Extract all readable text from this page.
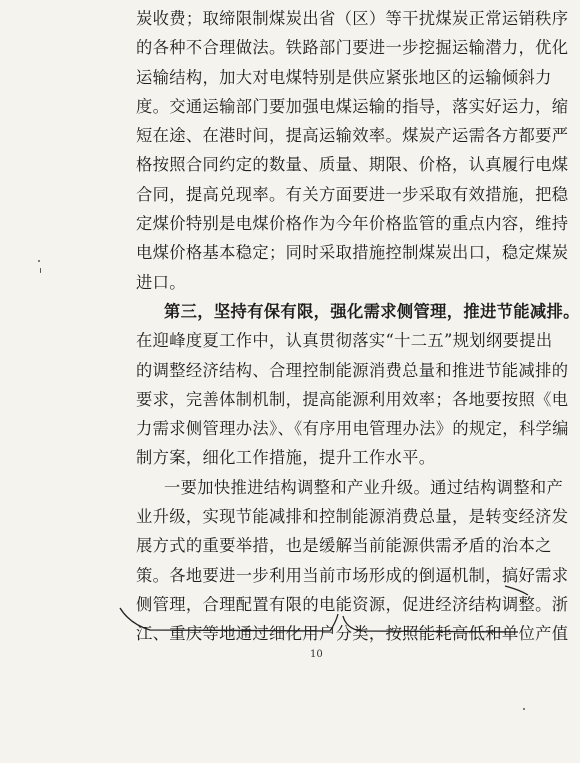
炭收费；取缔限制煤炭出省（区）等干扰煤炭正常运销秩序
的各种不合理做法。铁路部门要进一步挖掘运输潜力，优化
运输结构，加大对电煤特别是供应紧张地区的运输倾斜力
度。交通运输部门要加强电煤运输的指导，落实好运力，缩
短在途、在港时间，提高运输效率。煤炭产运需各方都要严
格按照合同约定的数量、质量、期限、价格，认真履行电煤
合同，提高兑现率。有关方面要进一步采取有效措施，把稳
定煤价特别是电煤价格作为今年价格监管的重点内容，维持
电煤价格基本稳定；同时采取措施控制煤炭出口，稳定煤炭
进口。
第三，坚持有保有限，强化需求侧管理，推进节能减排。
在迎峰度夏工作中，认真贯彻落实“十二五”规划纲要提出
的调整经济结构、合理控制能源消费总量和推进节能减排的
要求，完善体制机制，提高能源利用效率；各地要按照《电
力需求侧管理办法》、《有序用电管理办法》的规定，科学编
制方案，细化工作措施，提升工作水平。
一要加快推进结构调整和产业升级。通过结构调整和产
业升级，实现节能减排和控制能源消费总量，是转变经济发
展方式的重要举措，也是缓解当前能源供需矛盾的治本之
策。各地要进一步利用当前市场形成的倒逼机制，搞好需求
侧管理，合理配置有限的电能资源，促进经济结构调整。浙
江、重庆等地通过细化用户分类，按照能耗高低和单位产值
10
